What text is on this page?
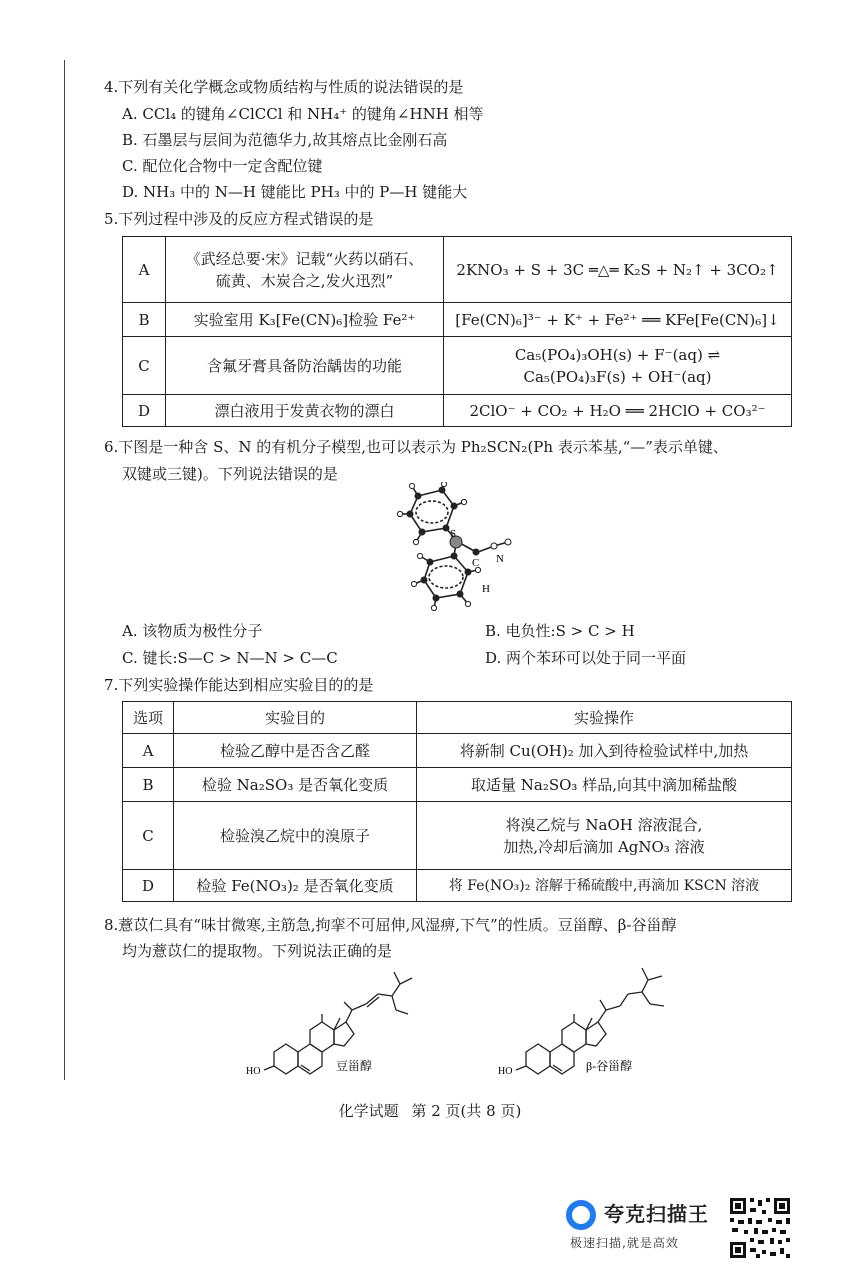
4.下列有关化学概念或物质结构与性质的说法错误的是
A. CCl₄ 的键角∠ClCCl 和 NH₄⁺ 的键角∠HNH 相等
B. 石墨层与层间为范德华力,故其熔点比金刚石高
C. 配位化合物中一定含配位键
D. NH₃ 中的 N—H 键能比 PH₃ 中的 P—H 键能大
5.下列过程中涉及的反应方程式错误的是
A	《武经总要·宋》记载“火药以硝石、
硫黄、木炭合之,发火迅烈”	2KNO₃ + S + 3C ═△═ K₂S + N₂↑ + 3CO₂↑
B	实验室用 K₃[Fe(CN)₆]检验 Fe²⁺	[Fe(CN)₆]³⁻ + K⁺ + Fe²⁺ ══ KFe[Fe(CN)₆]↓
C	含氟牙膏具备防治龋齿的功能	Ca₅(PO₄)₃OH(s) + F⁻(aq) ⇌
Ca₅(PO₄)₃F(s) + OH⁻(aq)

D	漂白液用于发黄衣物的漂白	2ClO⁻ + CO₂ + H₂O ══ 2HClO + CO₃²⁻
6.下图是一种含 S、N 的有机分子模型,也可以表示为 Ph₂SCN₂(Ph 表示苯基,“—”表示单键、
双键或三键)。下列说法错误的是
S
C N
H
A. 该物质为极性分子	B. 电负性:S > C > H
C. 键长:S—C > N—N > C—C	D. 两个苯环可以处于同一平面
7.下列实验操作能达到相应实验目的的是
选项	实验目的	实验操作
A	检验乙醇中是否含乙醛	将新制 Cu(OH)₂ 加入到待检验试样中,加热
B	检验 Na₂SO₃ 是否氧化变质	取适量 Na₂SO₃ 样品,向其中滴加稀盐酸
C	检验溴乙烷中的溴原子	将溴乙烷与 NaOH 溶液混合,
加热,冷却后滴加 AgNO₃ 溶液

D	检验 Fe(NO₃)₂ 是否氧化变质	将 Fe(NO₃)₂ 溶解于稀硫酸中,再滴加 KSCN 溶液
8.薏苡仁具有“味甘微寒,主筋急,拘挛不可屈伸,风湿痹,下气”的性质。豆甾醇、β-谷甾醇
均为薏苡仁的提取物。下列说法正确的是
HO	豆甾醇	HO	β-谷甾醇
化学试题 第 2 页(共 8 页)
夸克扫描王
极速扫描,就是高效
